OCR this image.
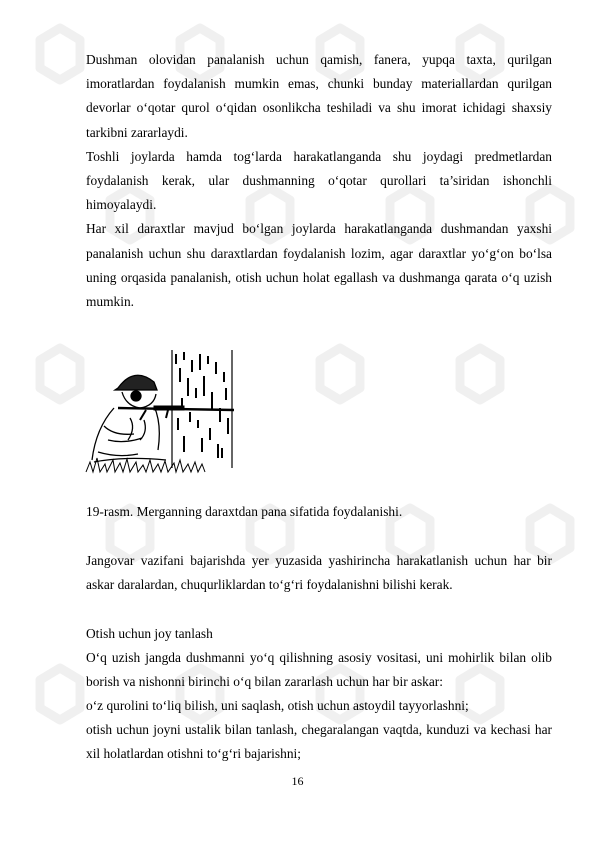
Dushman olovidan panalanish uchun qamish, fanera, yupqa taxta, qurilgan imoratlardan foydalanish mumkin emas, chunki bunday materiallardan qurilgan devorlar o‘qotar qurol o‘qidan osonlikcha teshiladi va shu imorat ichidagi shaxsiy tarkibni zararlaydi.

Toshli joylarda hamda tog‘larda harakatlanganda shu joydagi predmetlardan foydalanish kerak, ular dushmanning o‘qotar qurollari ta’siridan ishonchli himoyalaydi.

Har xil daraxtlar mavjud bo‘lgan joylarda harakatlanganda dushmandan yaxshi panalanish uchun shu daraxtlardan foydalanish lozim, agar daraxtlar yo‘g‘on bo‘lsa uning orqasida panalanish, otish uchun holat egallash va dushmanga qarata o‘q uzish mumkin.

19-rasm. Merganning daraxtdan pana sifatida foydalanishi.

Jangovar vazifani bajarishda yer yuzasida yashirincha harakatlanish uchun har bir askar daralardan, chuqurliklardan to‘g‘ri foydalanishni bilishi kerak.

Otish uchun joy tanlash

O‘q uzish jangda dushmanni yo‘q qilishning asosiy vositasi, uni mohirlik bilan olib borish va nishonni birinchi o‘q bilan zararlash uchun har bir askar:

o‘z qurolini to‘liq bilish, uni saqlash, otish uchun astoydil tayyorlashni;

otish uchun joyni ustalik bilan tanlash, chegaralangan vaqtda, kunduzi va kechasi har xil holatlardan otishni to‘g‘ri bajarishni;

16
